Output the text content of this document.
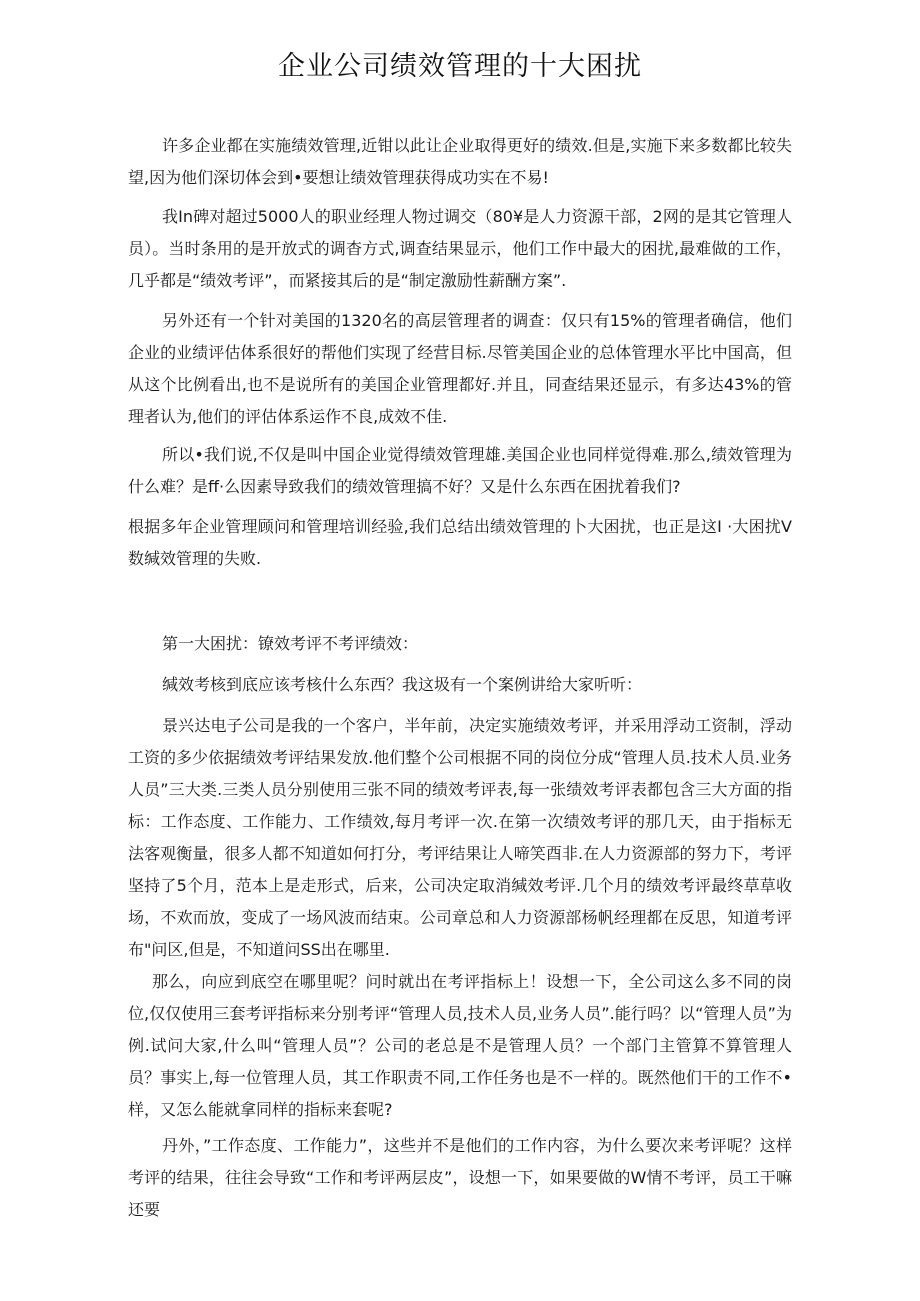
企业公司绩效管理的十大困扰

许多企业都在实施绩效管理,近钳以此让企业取得更好的绩效.但是,实施下来多数都比较失望,因为他们深切体会到•要想让绩效管理获得成功实在不易!

我In碑对超过5000人的职业经理人物过调交（80¥是人力资源干部，2网的是其它管理人员）。当时条用的是开放式的调杳方式,调查结果显示，他们工作中最大的困扰,最难做的工作，几乎都是“绩效考评”，而紧接其后的是“制定激励性薪酬方案”.

另外还有一个针对美国的1320名的高层管理者的调查：仅只有15%的管理者确信，他们企业的业绩评估体系很好的帮他们实现了经营目标.尽管美国企业的总体管理水平比中国高，但从这个比例看出,也不是说所有的美国企业管理都好.并且，同查结果还显示，有多达43%的管理者认为,他们的评估体系运作不良,成效不佳.

所以•我们说,不仅是叫中国企业觉得绩效管理雄.美国企业也同样觉得难.那么,绩效管理为什么难？是ff·么因素导致我们的绩效管理搞不好？又是什么东西在困扰着我们?

根据多年企业管理顾问和管理培训经验,我们总结出绩效管理的卜大困扰，也正是这I ·大困扰V数缄效管理的失败.

第一大困扰：镣效考评不考评绩效：

缄效考核到底应该考核什么东西？我这圾有一个案例讲给大家听听：

景兴达电子公司是我的一个客户，半年前，决定实施绩效考评，并采用浮动工资制，浮动工资的多少依据绩效考评结果发放.他们整个公司根据不同的岗位分成“管理人员.技术人员.业务人员”三大类.三类人员分别使用三张不同的绩效考评表,每一张绩效考评表都包含三大方面的指标：工作态度、工作能力、工作绩效,每月考评一次.在第一次绩效考评的那几天，由于指标无法客观衡量，很多人都不知道如何打分，考评结果让人啼笑酉非.在人力资源部的努力下，考评坚持了5个月，范本上是走形式，后来，公司决定取消缄效考评.几个月的绩效考评最终草草收场，不欢而放，变成了一场风波而结束。公司章总和人力资源部杨帆经理都在反思，知道考评布"问区,但是，不知道问SS出在哪里.

那么，向应到底空在哪里呢？问时就出在考评指标上！设想一下，全公司这么多不同的岗位,仅仅使用三套考评指标来分别考评“管理人员,技术人员,业务人员”.能行吗？以“管理人员”为例.试问大家,什么叫“管理人员”？公司的老总是不是管理人员？一个部门主管算不算管理人员？事实上,每一位管理人员，其工作职责不同,工作任务也是不一样的。既然他们干的工作不•样，又怎么能就拿同样的指标来套呢?

丹外，”工作态度、工作能力”，这些并不是他们的工作内容，为什么要次来考评呢？这样考评的结果，往往会导致“工作和考评两层皮”，设想一下，如果要做的W情不考评，员工干嘛还要
